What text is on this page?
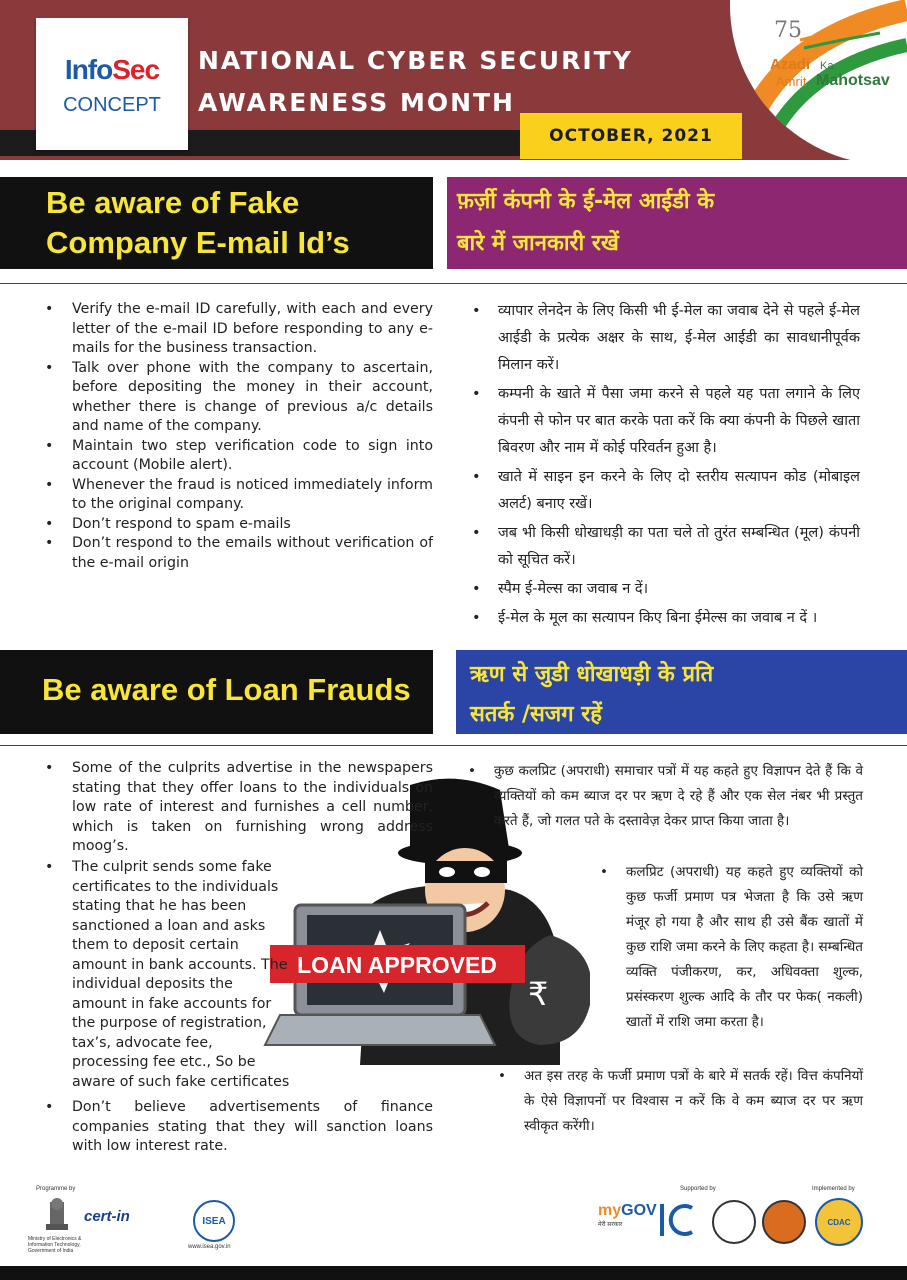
InfoSec
CONCEPT
NATIONAL CYBER SECURITY
AWARENESS MONTH
75
Azadi Ka
Amrit Mahotsav
OCTOBER, 2021
Be aware of Fake
Company E-mail Id’s
फ़र्ज़ी कंपनी के ई-मेल आईडी के
बारे में जानकारी रखें
• Verify the e-mail ID carefully, with each and every letter of the e-mail ID before responding to any e-mails for the business transaction.
• Talk over phone with the company to ascertain, before depositing the money in their account, whether there is change of previous a/c details and name of the company.
• Maintain two step verification code to sign into account (Mobile alert).
• Whenever the fraud is noticed immediately inform to the original company.
• Don’t respond to spam e-mails
• Don’t respond to the emails without verification of the e-mail origin
• व्यापार लेनदेन के लिए किसी भी ई-मेल का जवाब देने से पहले ई-मेल आईडी के प्रत्येक अक्षर के साथ, ई-मेल आईडी का सावधानीपूर्वक मिलान करें।
• कम्पनी के खाते में पैसा जमा करने से पहले यह पता लगाने के लिए कंपनी से फोन पर बात करके पता करें कि क्या कंपनी के पिछले खाता बिवरण और नाम में कोई परिवर्तन हुआ है।
• खाते में साइन इन करने के लिए दो स्तरीय सत्यापन कोड (मोबाइल अलर्ट) बनाए रखें।
• जब भी किसी धोखाधड़ी का पता चले तो तुरंत सम्बन्धित (मूल) कंपनी को सूचित करें।
• स्पैम ई-मेल्स का जवाब न दें।
• ई-मेल के मूल का सत्यापन किए बिना ईमेल्स का जवाब न दें ।
Be aware of Loan Frauds	ऋण से जुडी धोखाधड़ी के प्रति
सतर्क /सजग रहें
₹
LOAN APPROVED
• Some of the culprits advertise in the newspapers stating that they offer loans to the individuals on low rate of interest and furnishes a cell number, which is taken on furnishing wrong address moog’s.
• The culprit sends some fake certificates to the individuals stating that he has been sanctioned a loan and asks them to deposit certain amount in bank accounts. The individual deposits the amount in fake accounts for the purpose of registration, tax’s, advocate fee, processing fee etc., So be aware of such fake certificates
• Don’t believe advertisements of finance companies stating that they will sanction loans with low interest rate.
• कुछ कलप्रिट (अपराधी) समाचार पत्रों में यह कहते हुए विज्ञापन देते हैं कि वे व्यक्तियों को कम ब्याज दर पर ऋण दे रहे हैं और एक सेल नंबर भी प्रस्तुत करते हैं, जो गलत पते के दस्तावेज़ देकर प्राप्त किया जाता है।
• कलप्रिट (अपराधी) यह कहते हुए व्यक्तियों को कुछ फर्जी प्रमाण पत्र भेजता है कि उसे ऋण मंजूर हो गया है और साथ ही उसे बैंक खातों में कुछ राशि जमा करने के लिए कहता है। सम्बन्धित व्यक्ति पंजीकरण, कर, अधिवक्ता शुल्क, प्रसंस्करण शुल्क आदि के तौर पर फेक( नकली) खातों में राशि जमा करता है।
• अत इस तरह के फर्जी प्रमाण पत्रों के बारे में सतर्क रहें। वित्त कंपनियों के ऐसे विज्ञापनों पर विश्वास न करें कि वे कम ब्याज दर पर ऋण स्वीकृत करेंगी।
Programme by
Ministry of Electronics & Information Technology, Government of India
cert-in	ISEA
www.isea.gov.in
Supported by
myGOV
मेरी सरकार
Implemented by
CDAC
